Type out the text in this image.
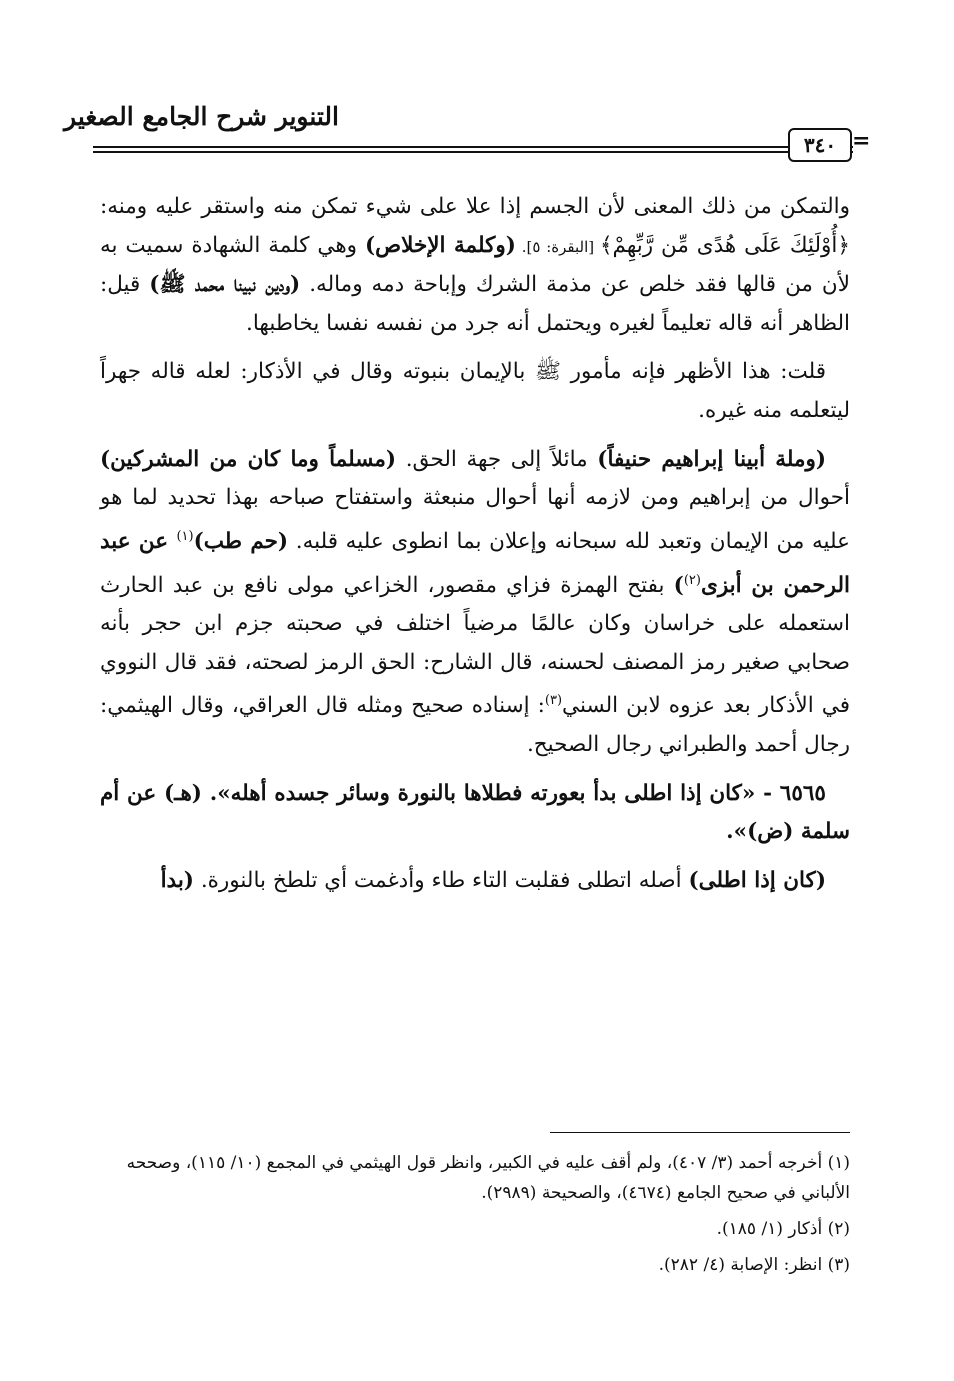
التنوير شرح الجامع الصغير
٣٤٠ =

والتمكن من ذلك المعنى لأن الجسم إذا علا على شيء تمكن منه واستقر عليه ومنه: ﴿أُوْلَئِكَ عَلَى هُدًى مِّن رَّبِّهِمْ﴾ [البقرة: ٥]. (وكلمة الإخلاص) وهي كلمة الشهادة سميت به لأن من قالها فقد خلص عن مذمة الشرك وإباحة دمه وماله. (ودين نبينا محمد ﷺ) قيل: الظاهر أنه قاله تعليماً لغيره ويحتمل أنه جرد من نفسه نفسا يخاطبها.

قلت: هذا الأظهر فإنه مأمور ﷺ بالإيمان بنبوته وقال في الأذكار: لعله قاله جهراً ليتعلمه منه غيره.

(وملة أبينا إبراهيم حنيفاً) مائلاً إلى جهة الحق. (مسلماً وما كان من المشركين) أحوال من إبراهيم ومن لازمه أنها أحوال منبعثة واستفتاح صباحه بهذا تحديد لما هو عليه من الإيمان وتعبد لله سبحانه وإعلان بما انطوى عليه قلبه. (حم طب)$^{(١)}$ عن عبد الرحمن بن أبزى$^{(٢)}$) بفتح الهمزة فزاي مقصور، الخزاعي مولى نافع بن عبد الحارث استعمله على خراسان وكان عالمًا مرضياً اختلف في صحبته جزم ابن حجر بأنه صحابي صغير رمز المصنف لحسنه، قال الشارح: الحق الرمز لصحته، فقد قال النووي في الأذكار بعد عزوه لابن السني$^{(٣)}$: إسناده صحيح ومثله قال العراقي، وقال الهيثمي: رجال أحمد والطبراني رجال الصحيح.

٦٥٦٥ - «كان إذا اطلى بدأ بعورته فطلاها بالنورة وسائر جسده أهله». (هـ) عن أم سلمة (ض)».

(كان إذا اطلى) أصله اتطلى فقلبت التاء طاء وأدغمت أي تلطخ بالنورة. (بدأ

(١) أخرجه أحمد (٣/ ٤٠٧)، ولم أقف عليه في الكبير، وانظر قول الهيثمي في المجمع (١٠/ ١١٥)، وصححه الألباني في صحيح الجامع (٤٦٧٤)، والصحيحة (٢٩٨٩).

(٢) أذكار (١/ ١٨٥).

(٣) انظر: الإصابة (٤/ ٢٨٢).
